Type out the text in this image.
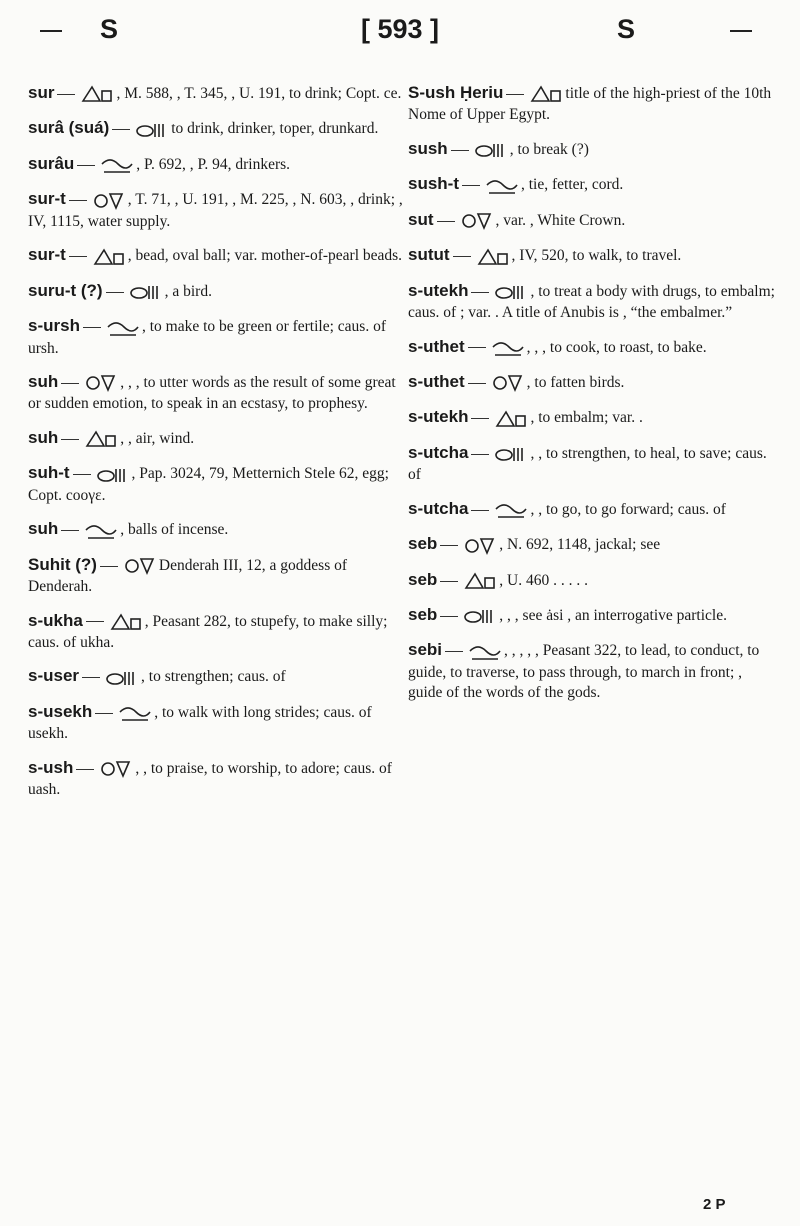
S	[ 593 ]	S
sur	, M. 588, , T. 345, , U. 191, to drink; Copt. ce.
surâ (suá)	to drink, drinker, toper, drunkard.
surâu	, P. 692, , P. 94, drinkers.
sur-t	, T. 71, , U. 191, , M. 225, , N. 603, , drink; , IV, 1115, water supply.
sur-t	, bead, oval ball; var. mother-of-pearl beads.
suru-t (?)	, a bird.
s-ursh	, to make to be green or fertile; caus. of ursh.
suh	, , , to utter words as the result of some great or sudden emotion, to speak in an ecstasy, to prophesy.
suh	, , air, wind.
suh-t	, Pap. 3024, 79, Metternich Stele 62, egg; Copt. cooγɛ.
suh	, balls of incense.
Suhit (?)	Denderah III, 12, a goddess of Denderah.
s-ukha	, Peasant 282, to stupefy, to make silly; caus. of ukha.
s-user	, to strengthen; caus. of
s-usekh	, to walk with long strides; caus. of usekh.
s-ush	, , to praise, to worship, to adore; caus. of uash.
S-ush Ḥeriu	title of the high-priest of the 10th Nome of Upper Egypt.
sush	, to break (?)
sush-t	, tie, fetter, cord.
sut	, var. , White Crown.
sutut	, IV, 520, to walk, to travel.
s-utekh	, to treat a body with drugs, to embalm; caus. of ; var. . A title of Anubis is , “the embalmer.”
s-uthet	, , , to cook, to roast, to bake.
s-uthet	, to fatten birds.
s-utekh	, to embalm; var. .
s-utcha	, , to strengthen, to heal, to save; caus. of
s-utcha	, , to go, to go forward; caus. of
seb	, N. 692, 1148, jackal; see
seb	, U. 460 . . . . .
seb	, , , see ȧsi , an interrogative particle.
sebi	, , , , , Peasant 322, to lead, to conduct, to guide, to traverse, to pass through, to march in front; , guide of the words of the gods.
2 P
